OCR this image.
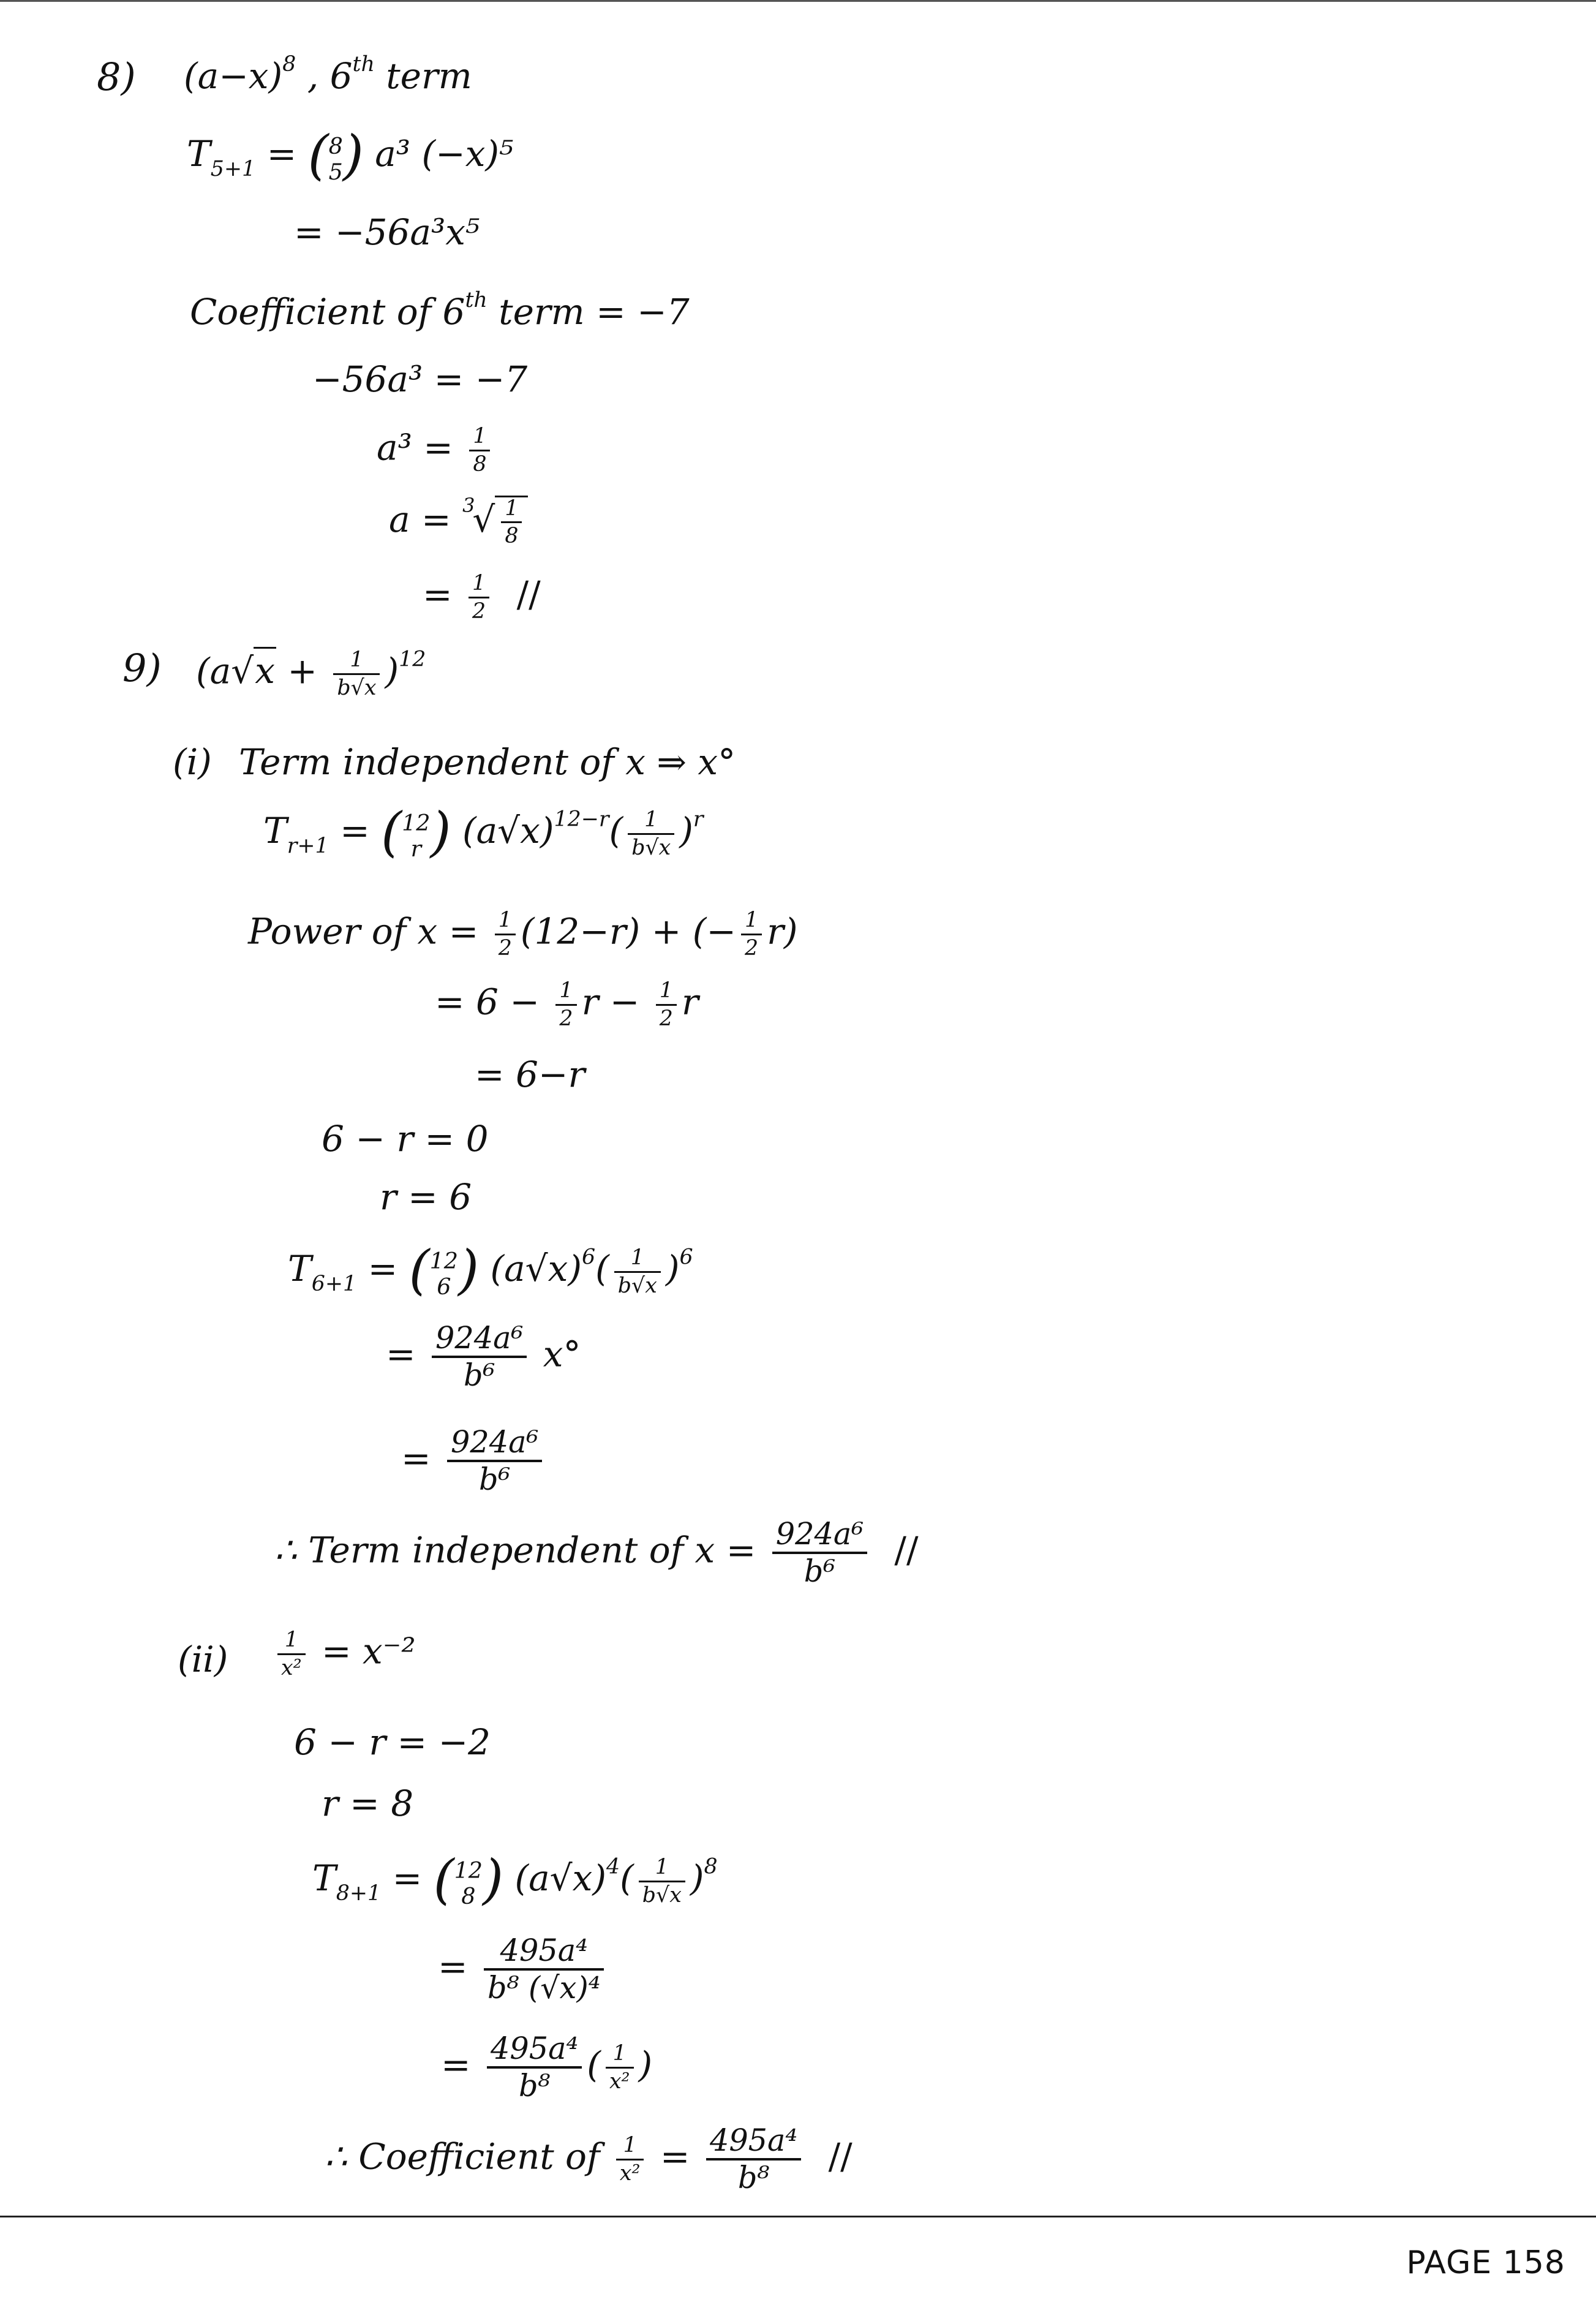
8) $(a-x)^8$ , 6th term
$T_{5+1} = (8$
5) a³ (−x)⁵
= −56a³x⁵
Coefficient of 6th term = −7
−56a³ = −7
$a^3 = \frac{1}{8}$
$a = ^3√ \frac{1}{8}$
= $\frac{1}{2}$ //
9) $(a√x + \frac{1}{b√x} )^{12}$
(i) Term independent of x ⇒ x°
$T_{r+1} = (12$
r ) $(a√x)^{12-r}( \frac{1}{b√x} )^r$
Power of $x = \frac{1}{2} (12-r)$ + (− $\frac{1}{2} r$)
= $6 - \frac{1}{2}$ $r - \frac{1}{2}$ r
= 6−r
6 − r = 0
r = 6
$T_{6+1} = (12$
6 ) $(a√x)^6( \frac{1}{b√x} )^6$
= $\frac{\text{924a⁶}}{\text{b⁶}} x^\circ$
= $\frac{\text{924a⁶}}{\text{b⁶}}$
∴ Term independent of $x = \frac{\text{924a⁶}}{\text{b⁶}}$ //
$(ii) \frac{1}{\text{x²}} = x^{-2}$
6 − r = −2
r = 8
$T_{8+1} = (12$
8 ) $(a√x)^4( \frac{1}{b√x} )^8$
= $\frac{\text{495a⁴}}{\text{b⁸ (√x)⁴}}$
= $\frac{\text{495a⁴}}{\text{b⁸}}$ ( $\frac{1}{\text{x²}}$ )
∴ Coefficient of $\frac{1}{\text{x²}} = \frac{\text{495a⁴}}{\text{b⁸}}$ //
PAGE 158
